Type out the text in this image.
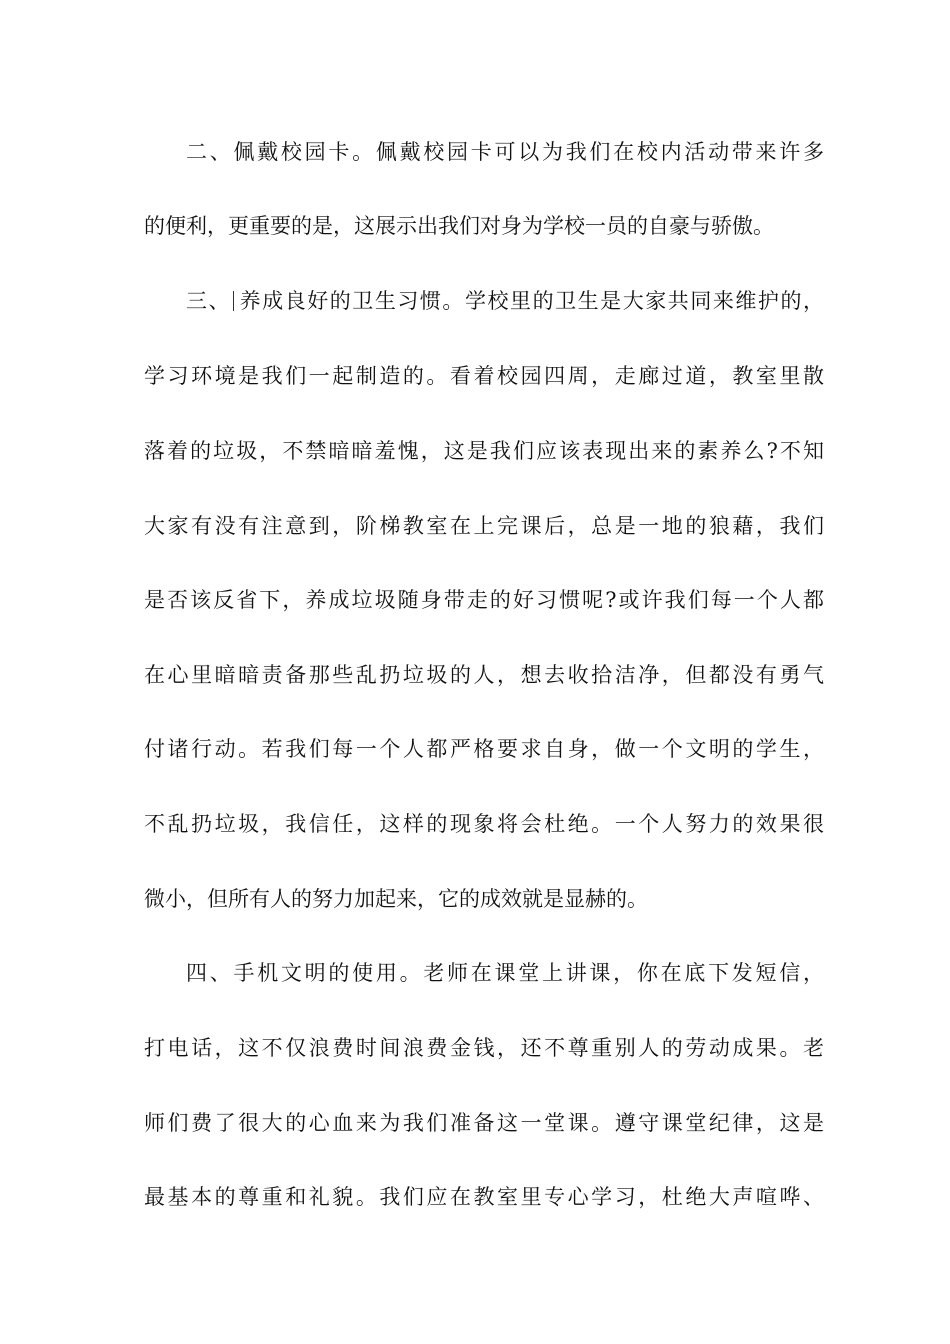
二、佩戴校园卡。佩戴校园卡可以为我们在校内活动带来许多
的便利，更重要的是，这展示出我们对身为学校一员的自豪与骄傲。
三、 养成良好的卫生习惯。学校里的卫生是大家共同来维护的，
学习环境是我们一起制造的。看着校园四周，走廊过道，教室里散
落着的垃圾，不禁暗暗羞愧，这是我们应该表现出来的素养么?不知
大家有没有注意到，阶梯教室在上完课后，总是一地的狼藉，我们
是否该反省下，养成垃圾随身带走的好习惯呢?或许我们每一个人都
在心里暗暗责备那些乱扔垃圾的人，想去收拾洁净，但都没有勇气
付诸行动。若我们每一个人都严格要求自身，做一个文明的学生，
不乱扔垃圾，我信任，这样的现象将会杜绝。一个人努力的效果很
微小，但所有人的努力加起来，它的成效就是显赫的。
四、手机文明的使用。老师在课堂上讲课，你在底下发短信，
打电话，这不仅浪费时间浪费金钱，还不尊重别人的劳动成果。老
师们费了很大的心血来为我们准备这一堂课。遵守课堂纪律，这是
最基本的尊重和礼貌。我们应在教室里专心学习，杜绝大声喧哗、
